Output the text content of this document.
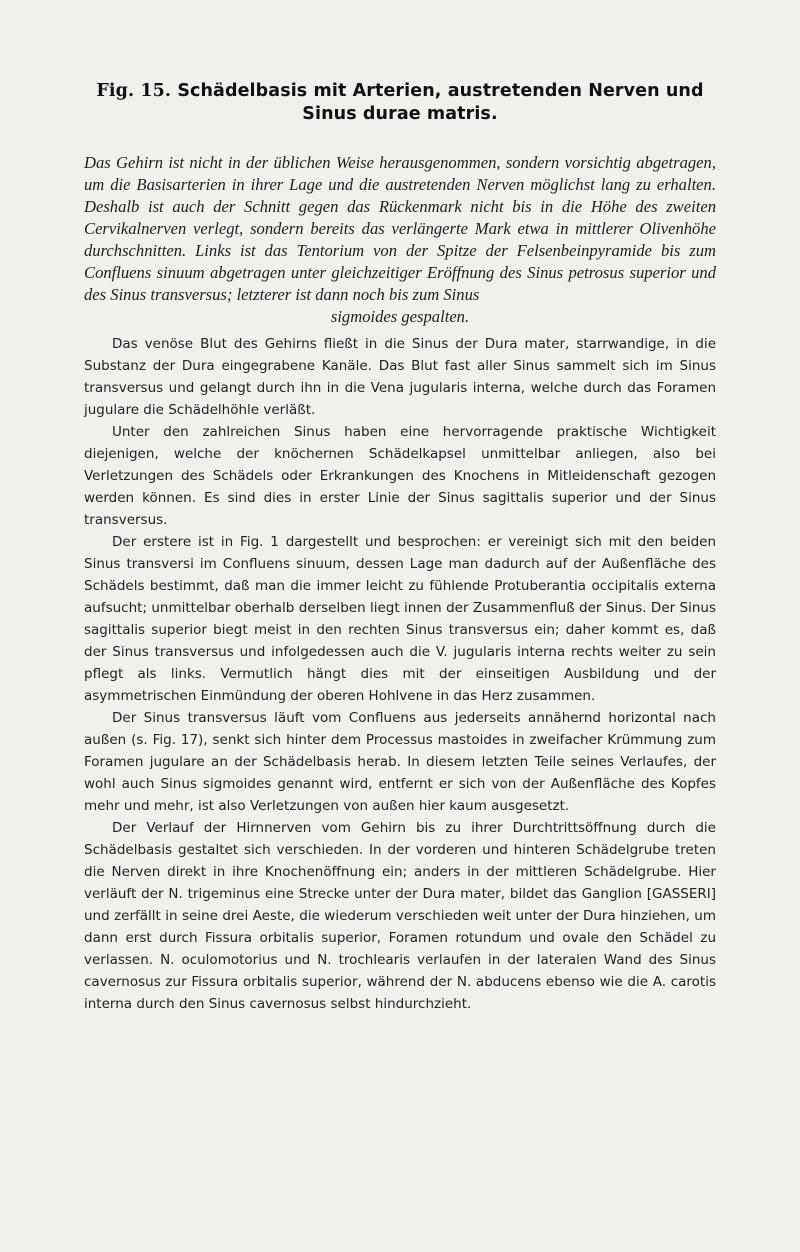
Fig. 15. Schädelbasis mit Arterien, austretenden Nerven und Sinus durae matris.
Das Gehirn ist nicht in der üblichen Weise herausgenommen, sondern vorsichtig abgetragen, um die Basisarterien in ihrer Lage und die austretenden Nerven möglichst lang zu erhalten. Deshalb ist auch der Schnitt gegen das Rückenmark nicht bis in die Höhe des zweiten Cervikalnerven verlegt, sondern bereits das verlängerte Mark etwa in mittlerer Olivenhöhe durchschnitten. Links ist das Tentorium von der Spitze der Felsenbeinpyramide bis zum Confluens sinuum abgetragen unter gleichzeitiger Eröffnung des Sinus petrosus superior und des Sinus transversus; letzterer ist dann noch bis zum Sinus
sigmoides gespalten.

Das venöse Blut des Gehirns fließt in die Sinus der Dura mater, starrwandige, in die Substanz der Dura eingegrabene Kanäle. Das Blut fast aller Sinus sammelt sich im Sinus transversus und gelangt durch ihn in die Vena jugularis interna, welche durch das Foramen jugulare die Schädelhöhle verläßt.

Unter den zahlreichen Sinus haben eine hervorragende praktische Wichtigkeit diejenigen, welche der knöchernen Schädelkapsel unmittelbar anliegen, also bei Verletzungen des Schädels oder Erkrankungen des Knochens in Mitleidenschaft gezogen werden können. Es sind dies in erster Linie der Sinus sagittalis superior und der Sinus transversus.

Der erstere ist in Fig. 1 dargestellt und besprochen: er vereinigt sich mit den beiden Sinus transversi im Confluens sinuum, dessen Lage man dadurch auf der Außenfläche des Schädels bestimmt, daß man die immer leicht zu fühlende Protuberantia occipitalis externa aufsucht; unmittelbar oberhalb derselben liegt innen der Zusammenfluß der Sinus. Der Sinus sagittalis superior biegt meist in den rechten Sinus transversus ein; daher kommt es, daß der Sinus transversus und infolgedessen auch die V. jugularis interna rechts weiter zu sein pflegt als links. Vermutlich hängt dies mit der einseitigen Ausbildung und der asymmetrischen Einmündung der oberen Hohlvene in das Herz zusammen.

Der Sinus transversus läuft vom Confluens aus jederseits annähernd horizontal nach außen (s. Fig. 17), senkt sich hinter dem Processus mastoides in zweifacher Krümmung zum Foramen jugulare an der Schädelbasis herab. In diesem letzten Teile seines Verlaufes, der wohl auch Sinus sigmoides genannt wird, entfernt er sich von der Außenfläche des Kopfes mehr und mehr, ist also Verletzungen von außen hier kaum ausgesetzt.

Der Verlauf der Hirnnerven vom Gehirn bis zu ihrer Durchtrittsöffnung durch die Schädelbasis gestaltet sich verschieden. In der vorderen und hinteren Schädelgrube treten die Nerven direkt in ihre Knochenöffnung ein; anders in der mittleren Schädelgrube. Hier verläuft der N. trigeminus eine Strecke unter der Dura mater, bildet das Ganglion [GASSERI] und zerfällt in seine drei Aeste, die wiederum verschieden weit unter der Dura hinziehen, um dann erst durch Fissura orbitalis superior, Foramen rotundum und ovale den Schädel zu verlassen. N. oculomotorius und N. trochlearis verlaufen in der lateralen Wand des Sinus cavernosus zur Fissura orbitalis superior, während der N. abducens ebenso wie die A. carotis interna durch den Sinus cavernosus selbst hindurchzieht.
